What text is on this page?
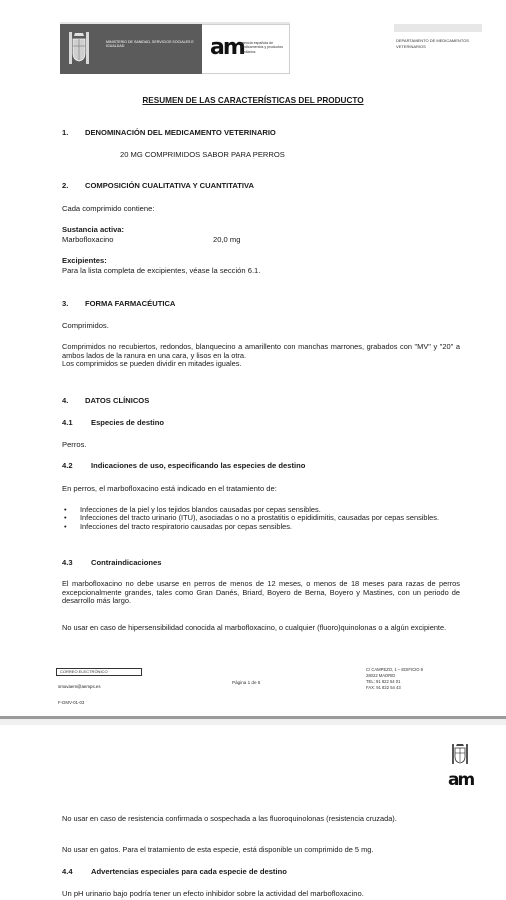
MINISTERIO DE SANIDAD, SERVICIOS SOCIALES E IGUALDAD	am
agencia española de medicamentos y productos sanitarios
DEPARTAMENTO DE MEDICAMENTOS VETERINARIOS
RESUMEN DE LAS CARACTERÍSTICAS DEL PRODUCTO
1. DENOMINACIÓN DEL MEDICAMENTO VETERINARIO
20 MG COMPRIMIDOS SABOR PARA PERROS
2. COMPOSICIÓN CUALITATIVA Y CUANTITATIVA
Cada comprimido contiene:
Sustancia activa:
Marbofloxacino	20,0 mg
Excipientes:
Para la lista completa de excipientes, véase la sección 6.1.
3. FORMA FARMACÉUTICA
Comprimidos.
Comprimidos no recubiertos, redondos, blanquecino a amarillento con manchas marrones, grabados con "MV" y "20" a ambos lados de la ranura en una cara, y lisos en la otra.
Los comprimidos se pueden dividir en mitades iguales.
4. DATOS CLÍNICOS
4.1 Especies de destino
Perros.
4.2 Indicaciones de uso, especificando las especies de destino
En perros, el marbofloxacino está indicado en el tratamiento de:
• Infecciones de la piel y los tejidos blandos causadas por cepas sensibles.
• Infecciones del tracto urinario (ITU), asociadas o no a prostatitis o epididimitis, causadas por cepas sensibles.
• Infecciones del tracto respiratorio causadas por cepas sensibles.
4.3 Contraindicaciones
El marbofloxacino no debe usarse en perros de menos de 12 meses, o menos de 18 meses para razas de perros excepcionalmente grandes, tales como Gran Danés, Briard, Boyero de Berna, Boyero y Mastines, con un periodo de desarrollo más largo.
No usar en caso de hipersensibilidad conocida al marbofloxacino, o cualquier (fluoro)quinolonas o a algún excipiente.
CORREO ELECTRÓNICO
smuvaem@aemps.es
Página 1 de 6
F-DMV-01-03
C/ CAMPEZO, 1 – EDIFICIO 8
28022 MADRID
TEL: 91 822 54 01
FAX: 91 822 54 43
am
No usar en caso de resistencia confirmada o sospechada a las fluoroquinolonas (resistencia cruzada).
No usar en gatos. Para el tratamiento de esta especie, está disponible un comprimido de 5 mg.
4.4 Advertencias especiales para cada especie de destino
Un pH urinario bajo podría tener un efecto inhibidor sobre la actividad del marbofloxacino.
